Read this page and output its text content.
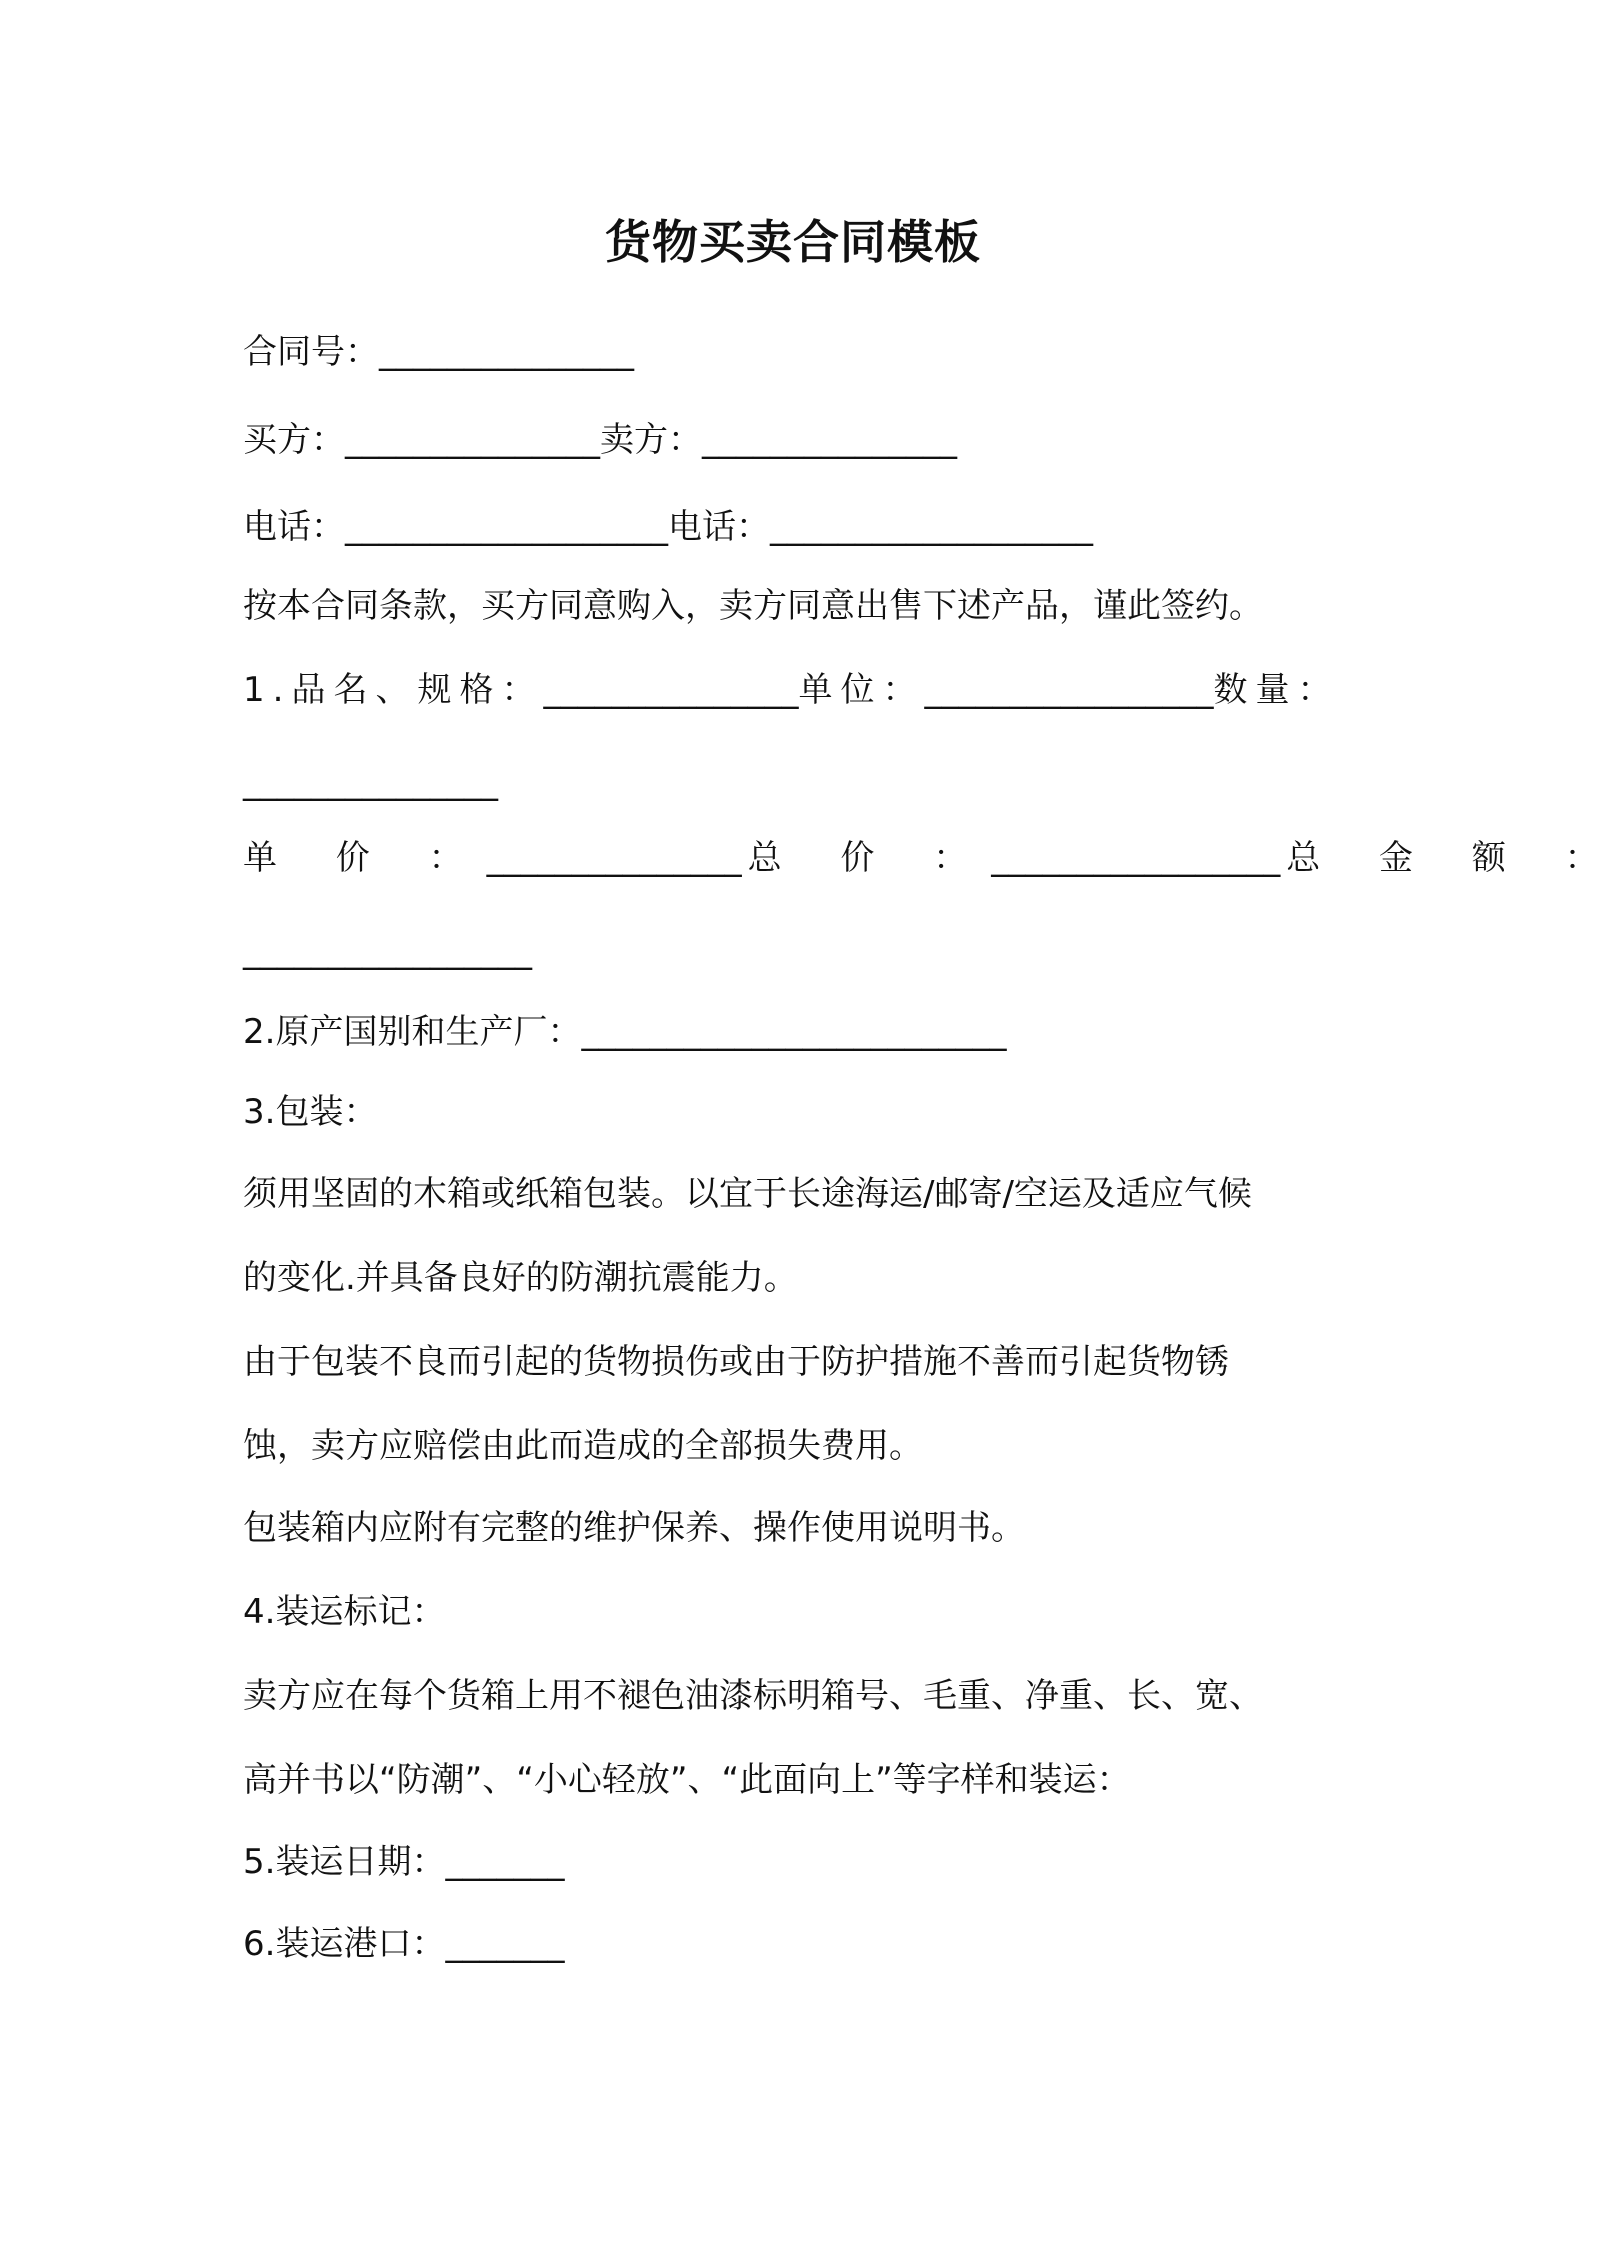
货物买卖合同模板
合同号：_______________
买方：_______________卖方：_______________
电话：___________________电话：___________________
按本合同条款，买方同意购入，卖方同意出售下述产品，谨此签约。
1.品名、规格：_______________单位：_________________数量：
_______________
单 价 ：_______________ 总 价 ：_________________ 总 金 额 ：
_________________
2.原产国别和生产厂：_________________________
3.包装：
须用坚固的木箱或纸箱包装。以宜于长途海运/邮寄/空运及适应气候
的变化.并具备良好的防潮抗震能力。
由于包装不良而引起的货物损伤或由于防护措施不善而引起货物锈
蚀，卖方应赔偿由此而造成的全部损失费用。
包装箱内应附有完整的维护保养、操作使用说明书。
4.装运标记：
卖方应在每个货箱上用不褪色油漆标明箱号、毛重、净重、长、宽、
高并书以“防潮”、“小心轻放”、“此面向上”等字样和装运：
5.装运日期：_______
6.装运港口：_______
